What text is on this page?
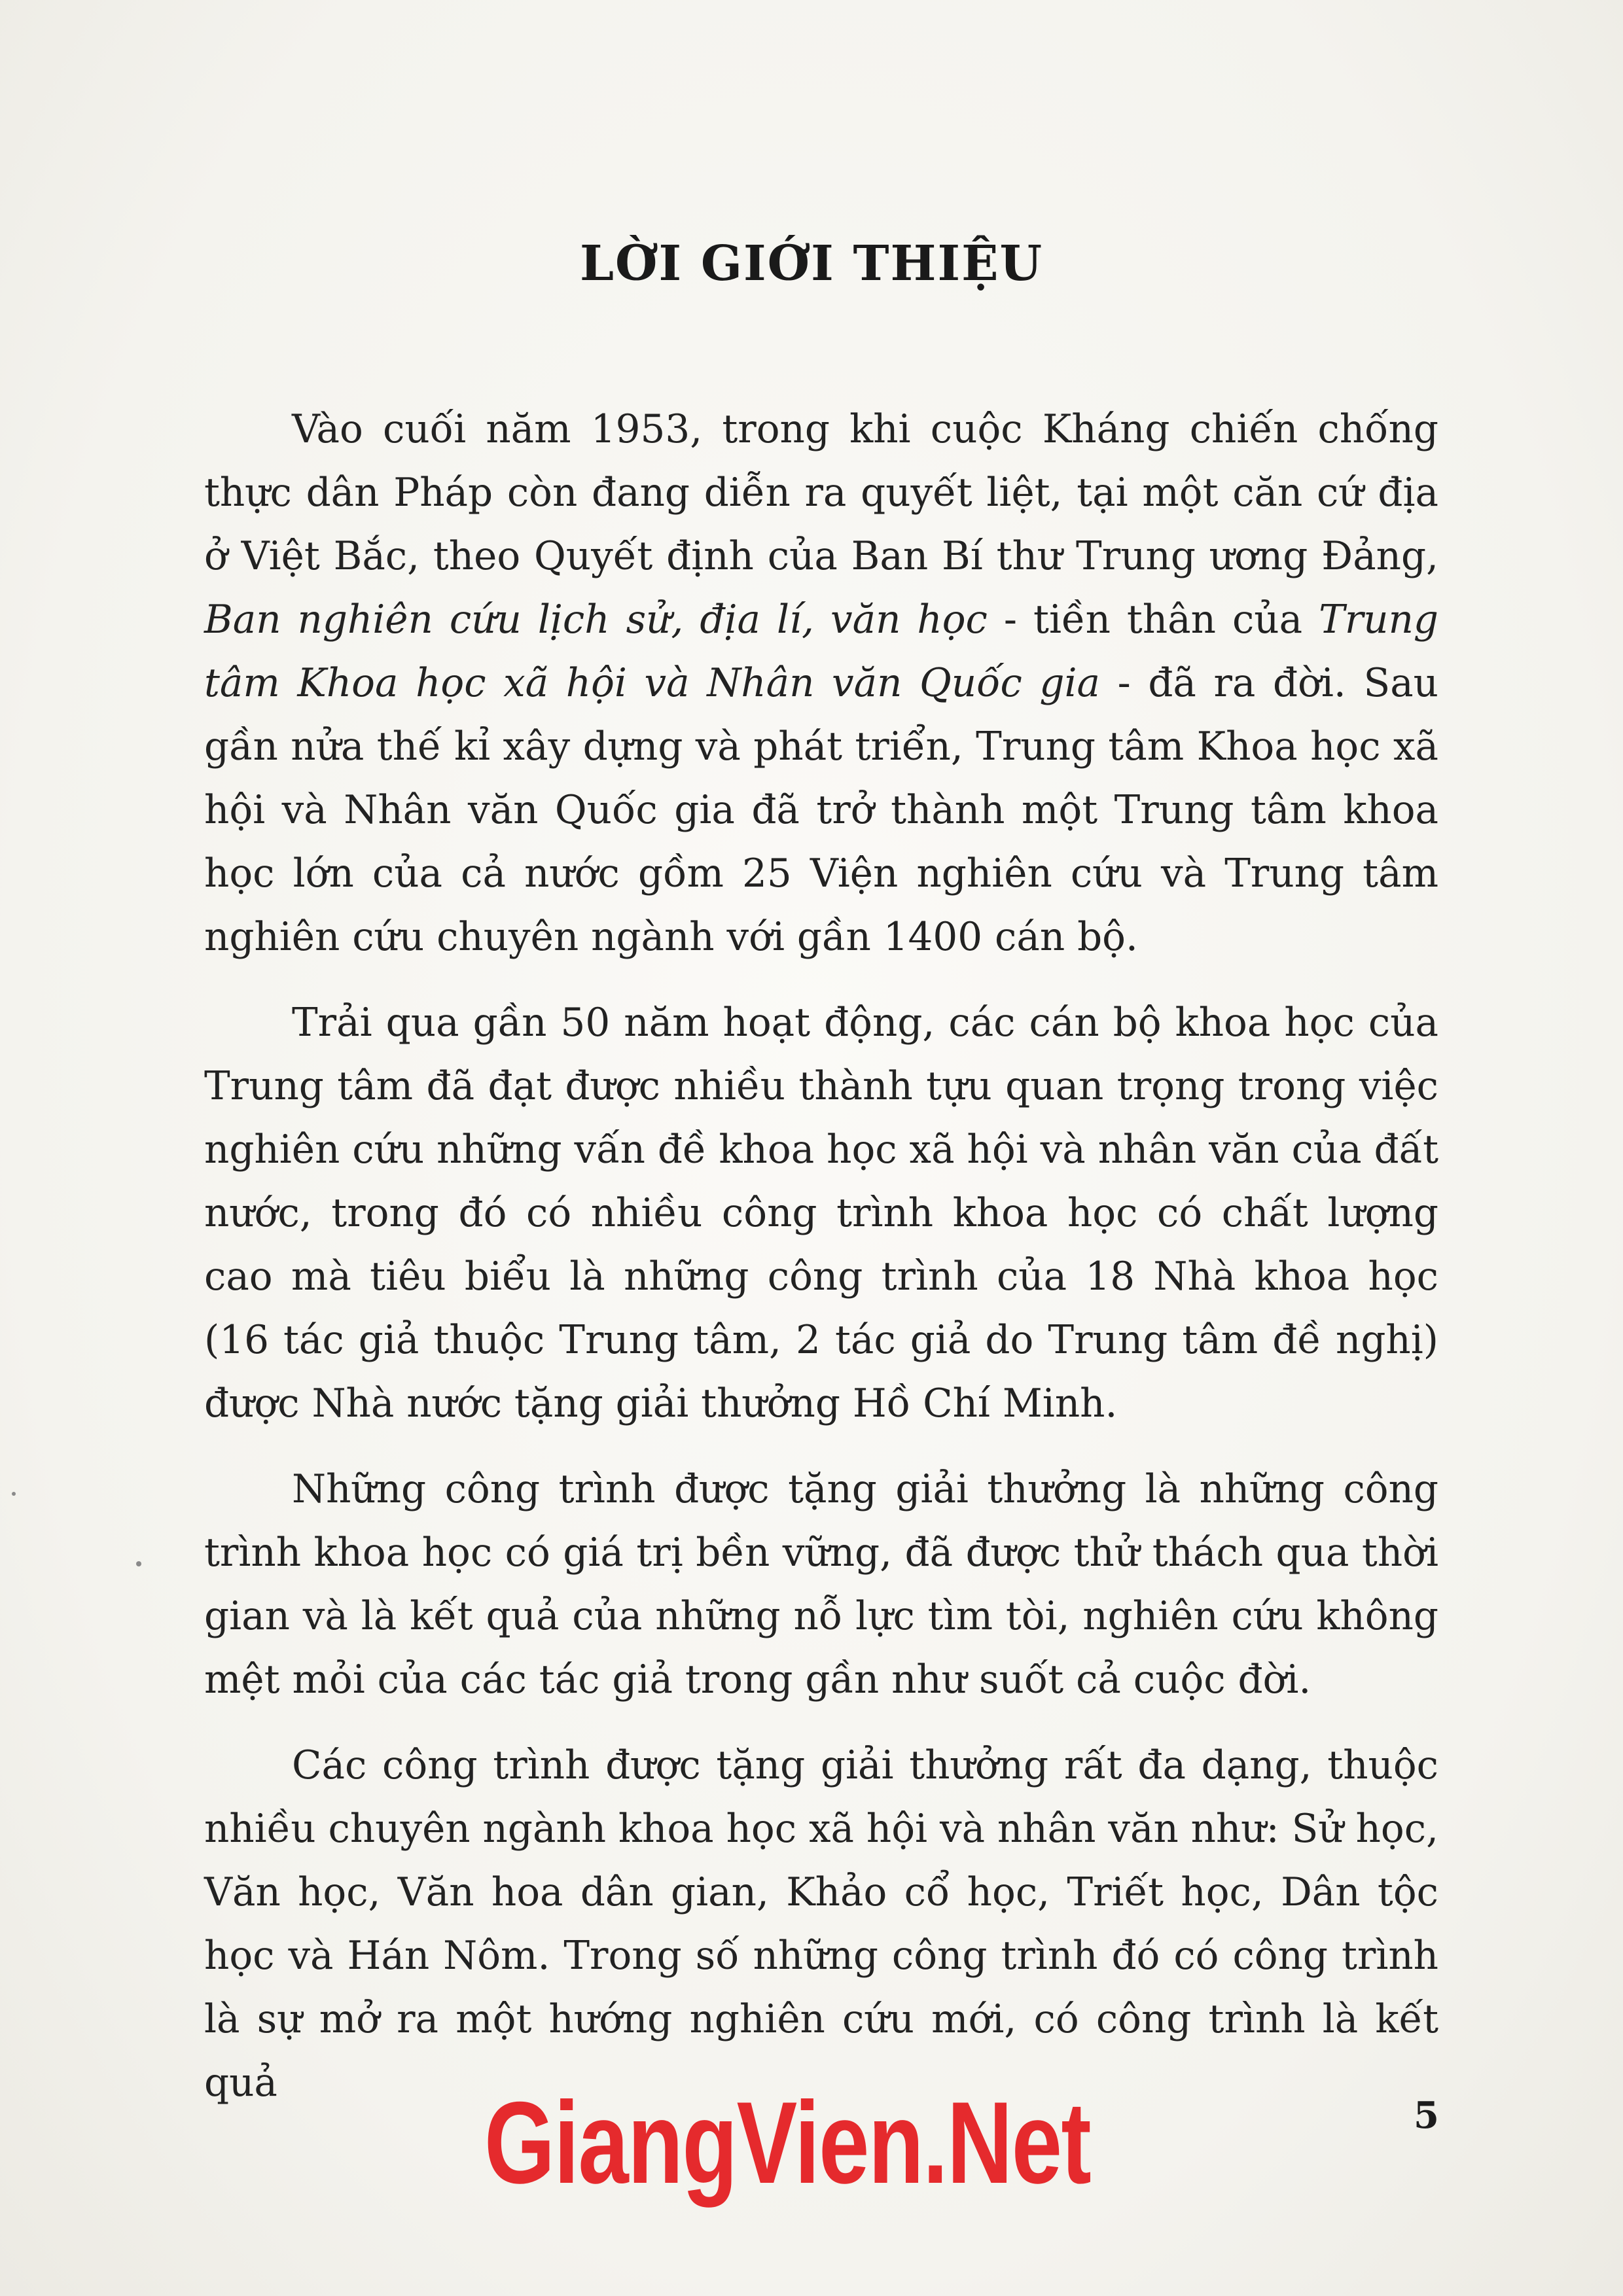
LỜI GIỚI THIỆU

Vào cuối năm 1953, trong khi cuộc Kháng chiến chống thực dân Pháp còn đang diễn ra quyết liệt, tại một căn cứ địa ở Việt Bắc, theo Quyết định của Ban Bí thư Trung ương Đảng, Ban nghiên cứu lịch sử, địa lí, văn học - tiền thân của Trung tâm Khoa học xã hội và Nhân văn Quốc gia - đã ra đời. Sau gần nửa thế kỉ xây dựng và phát triển, Trung tâm Khoa học xã hội và Nhân văn Quốc gia đã trở thành một Trung tâm khoa học lớn của cả nước gồm 25 Viện nghiên cứu và Trung tâm nghiên cứu chuyên ngành với gần 1400 cán bộ.

Trải qua gần 50 năm hoạt động, các cán bộ khoa học của Trung tâm đã đạt được nhiều thành tựu quan trọng trong việc nghiên cứu những vấn đề khoa học xã hội và nhân văn của đất nước, trong đó có nhiều công trình khoa học có chất lượng cao mà tiêu biểu là những công trình của 18 Nhà khoa học (16 tác giả thuộc Trung tâm, 2 tác giả do Trung tâm đề nghị) được Nhà nước tặng giải thưởng Hồ Chí Minh.

Những công trình được tặng giải thưởng là những công trình khoa học có giá trị bền vững, đã được thử thách qua thời gian và là kết quả của những nỗ lực tìm tòi, nghiên cứu không mệt mỏi của các tác giả trong gần như suốt cả cuộc đời.

Các công trình được tặng giải thưởng rất đa dạng, thuộc nhiều chuyên ngành khoa học xã hội và nhân văn như: Sử học, Văn học, Văn hoa dân gian, Khảo cổ học, Triết học, Dân tộc học và Hán Nôm. Trong số những công trình đó có công trình là sự mở ra một hướng nghiên cứu mới, có công trình là kết quả	GiangVien.Net	5
